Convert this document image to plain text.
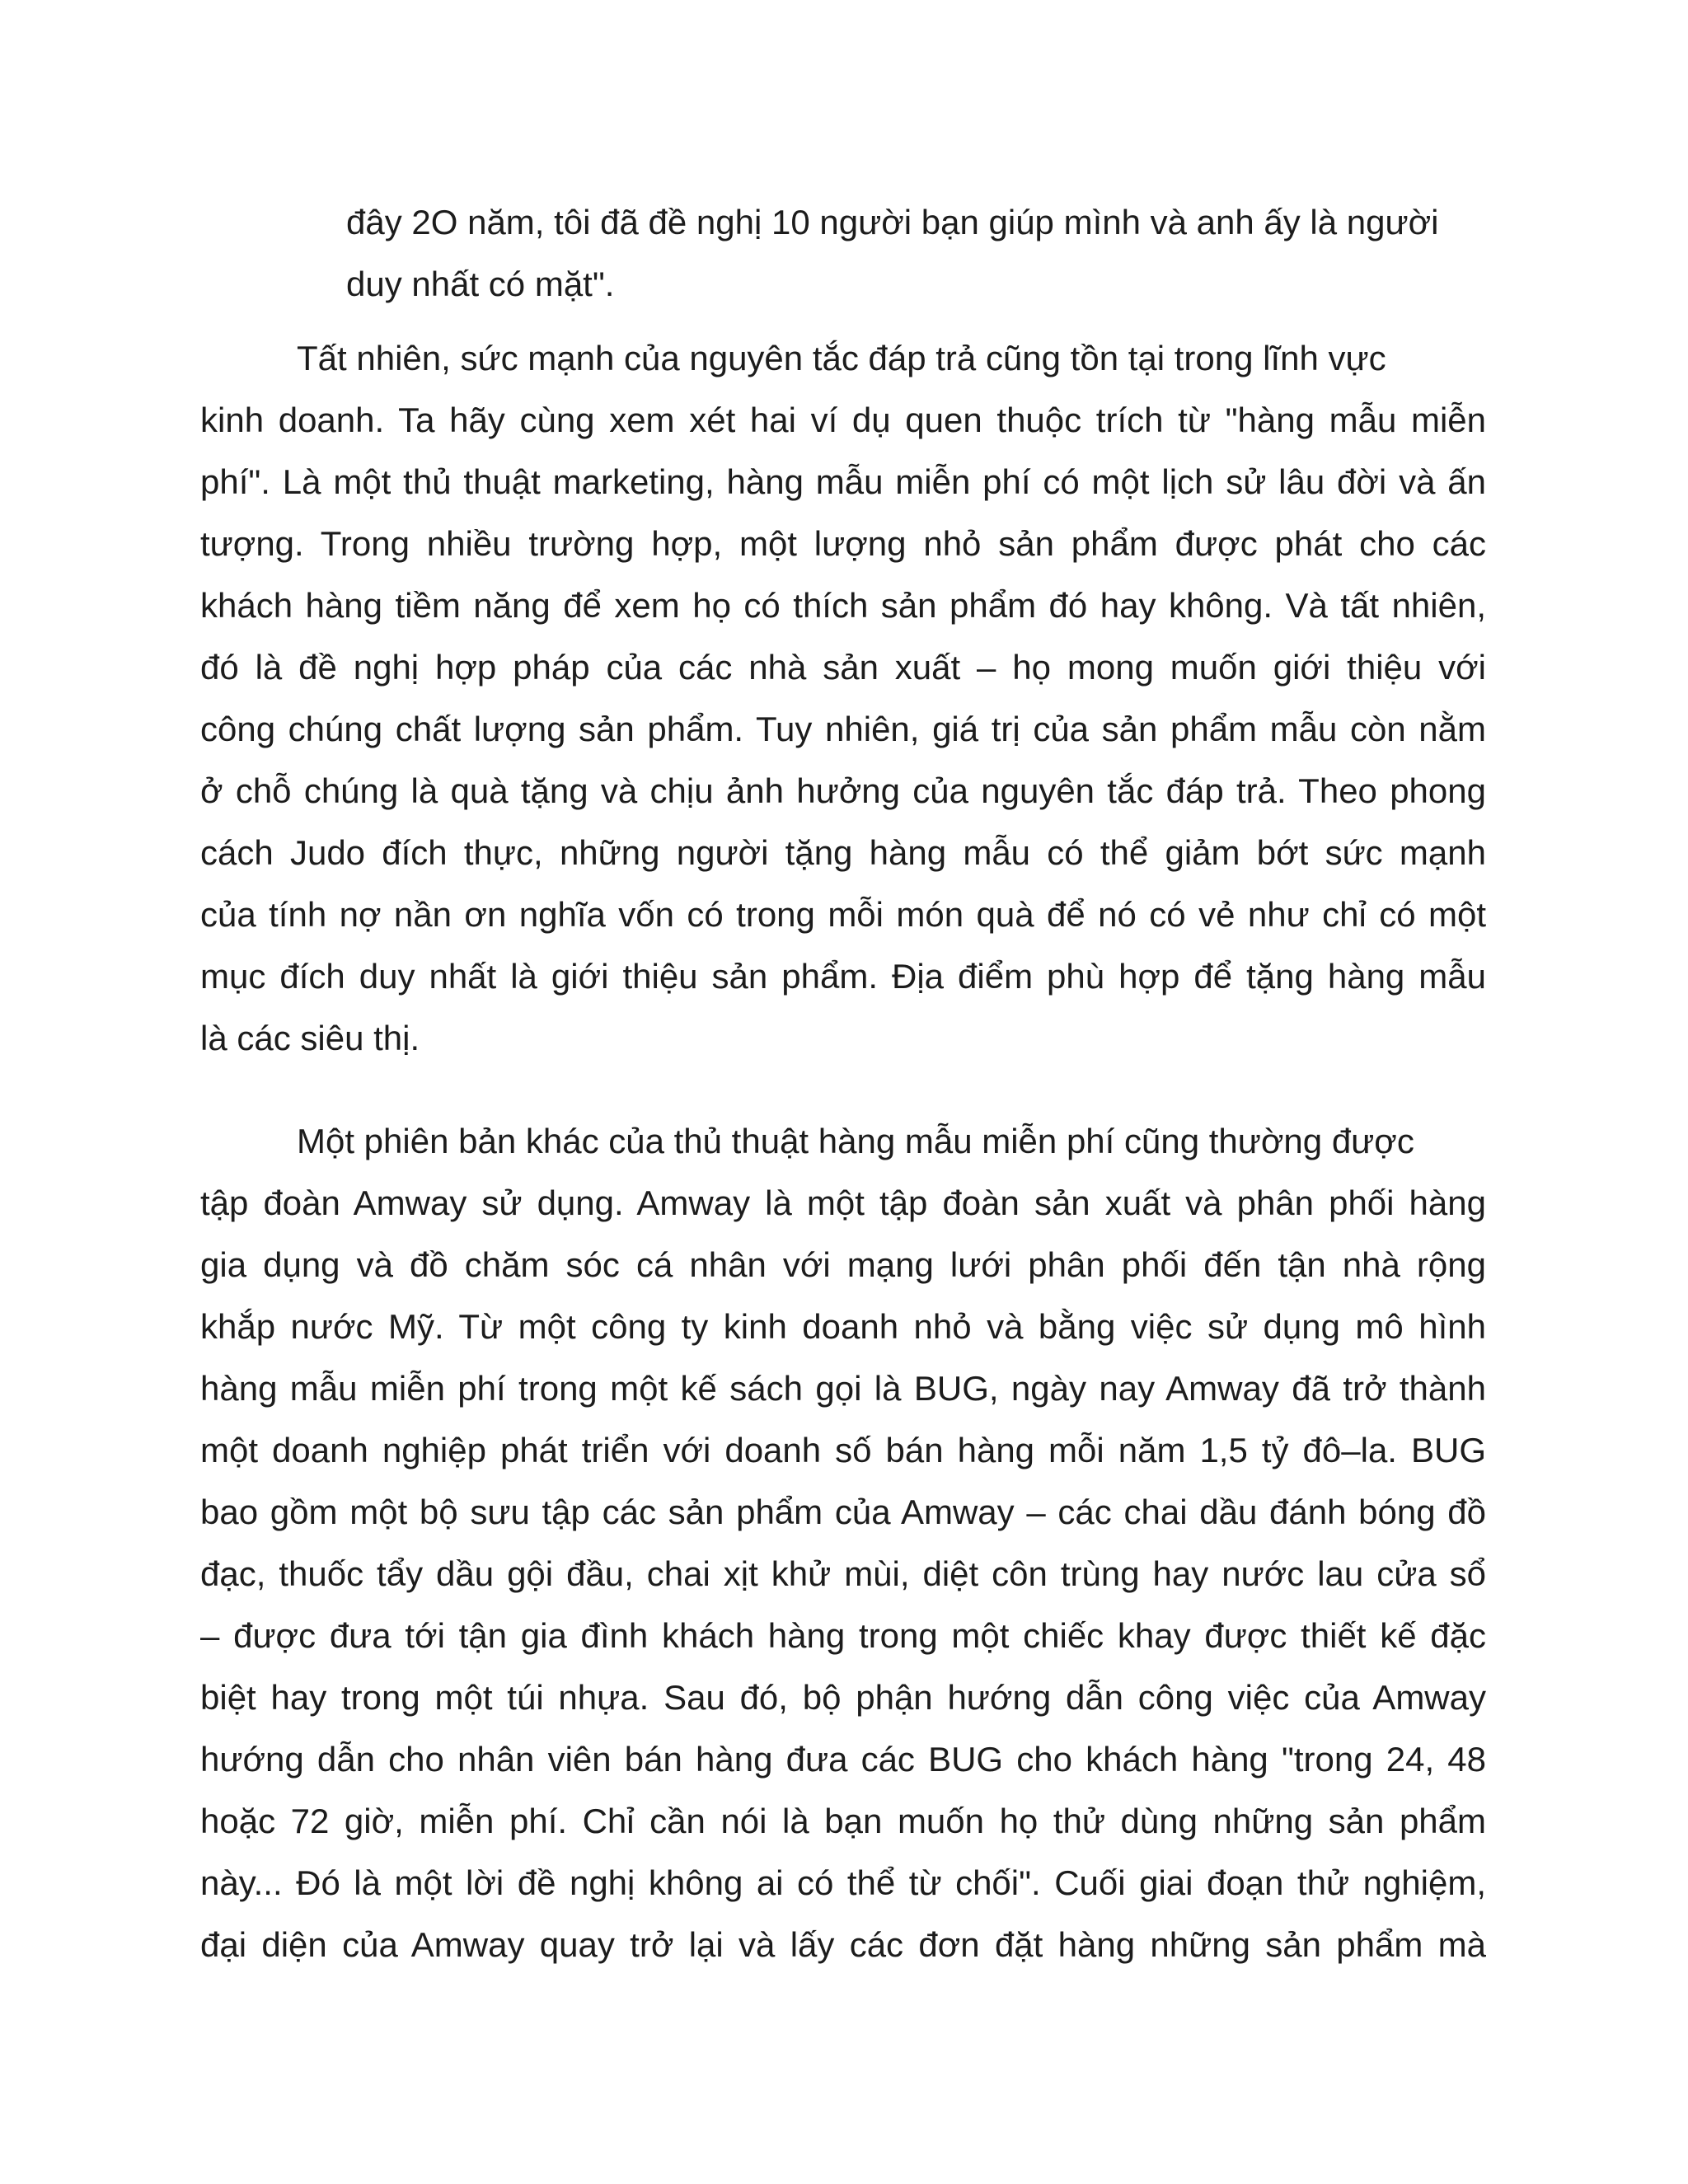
đây 2O năm, tôi đã đề nghị 10 người bạn giúp mình và anh ấy là người

duy nhất có mặt".

Tất nhiên, sức mạnh của nguyên tắc đáp trả cũng tồn tại trong lĩnh vực

kinh doanh. Ta hãy cùng xem xét hai ví dụ quen thuộc trích từ "hàng mẫu miễn

phí". Là một thủ thuật marketing, hàng mẫu miễn phí có một lịch sử lâu đời và ấn

tượng. Trong nhiều trường hợp, một lượng nhỏ sản phẩm được phát cho các

khách hàng tiềm năng để xem họ có thích sản phẩm đó hay không. Và tất nhiên,

đó là đề nghị hợp pháp của các nhà sản xuất – họ mong muốn giới thiệu với

công chúng chất lượng sản phẩm. Tuy nhiên, giá trị của sản phẩm mẫu còn nằm

ở chỗ chúng là quà tặng và chịu ảnh hưởng của nguyên tắc đáp trả. Theo phong

cách Judo đích thực, những người tặng hàng mẫu có thể giảm bớt sức mạnh

của tính nợ nần ơn nghĩa vốn có trong mỗi món quà để nó có vẻ như chỉ có một

mục đích duy nhất là giới thiệu sản phẩm. Địa điểm phù hợp để tặng hàng mẫu

là các siêu thị.

Một phiên bản khác của thủ thuật hàng mẫu miễn phí cũng thường được

tập đoàn Amway sử dụng. Amway là một tập đoàn sản xuất và phân phối hàng

gia dụng và đồ chăm sóc cá nhân với mạng lưới phân phối đến tận nhà rộng

khắp nước Mỹ. Từ một công ty kinh doanh nhỏ và bằng việc sử dụng mô hình

hàng mẫu miễn phí trong một kế sách gọi là BUG, ngày nay Amway đã trở thành

một doanh nghiệp phát triển với doanh số bán hàng mỗi năm 1,5 tỷ đô–la. BUG

bao gồm một bộ sưu tập các sản phẩm của Amway – các chai dầu đánh bóng đồ

đạc, thuốc tẩy dầu gội đầu, chai xịt khử mùi, diệt côn trùng hay nước lau cửa sổ

– được đưa tới tận gia đình khách hàng trong một chiếc khay được thiết kế đặc

biệt hay trong một túi nhựa. Sau đó, bộ phận hướng dẫn công việc của Amway

hướng dẫn cho nhân viên bán hàng đưa các BUG cho khách hàng "trong 24, 48

hoặc 72 giờ, miễn phí. Chỉ cần nói là bạn muốn họ thử dùng những sản phẩm

này... Đó là một lời đề nghị không ai có thể từ chối". Cuối giai đoạn thử nghiệm,

đại diện của Amway quay trở lại và lấy các đơn đặt hàng những sản phẩm mà
